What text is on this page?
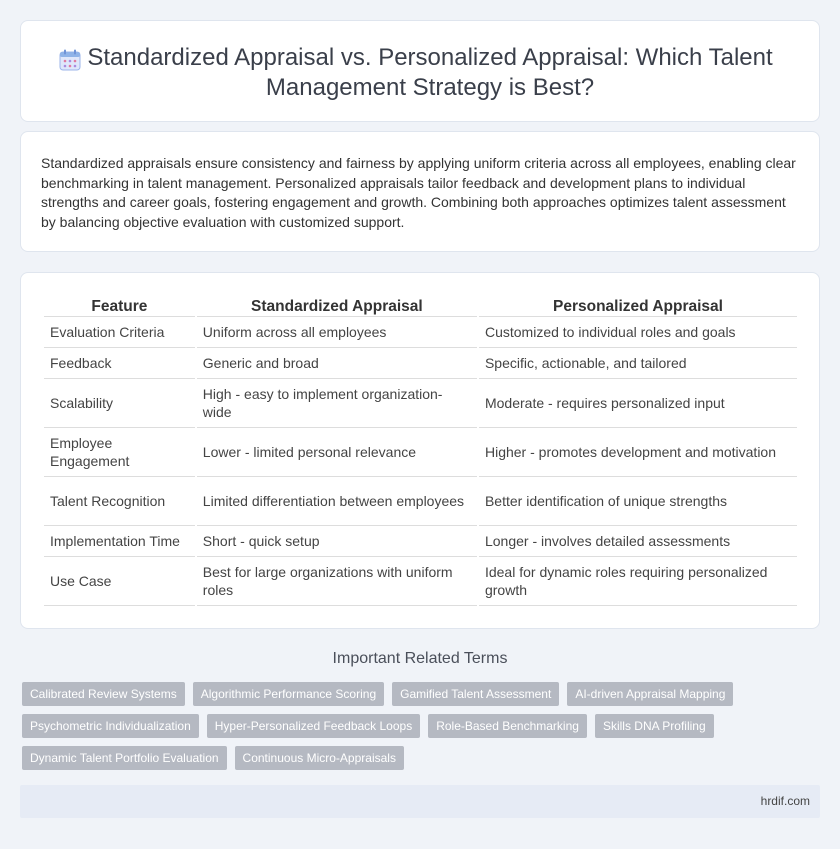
Standardized Appraisal vs. Personalized Appraisal: Which Talent Management Strategy is Best?

Standardized appraisals ensure consistency and fairness by applying uniform criteria across all employees, enabling clear benchmarking in talent management. Personalized appraisals tailor feedback and development plans to individual strengths and career goals, fostering engagement and growth. Combining both approaches optimizes talent assessment by balancing objective evaluation with customized support.

Feature	Standardized Appraisal	Personalized Appraisal
Evaluation Criteria	Uniform across all employees	Customized to individual roles and goals
Feedback	Generic and broad	Specific, actionable, and tailored
Scalability	High - easy to implement organization-wide	Moderate - requires personalized input
Employee Engagement	Lower - limited personal relevance	Higher - promotes development and motivation
Talent Recognition	Limited differentiation between employees	Better identification of unique strengths
Implementation Time	Short - quick setup	Longer - involves detailed assessments
Use Case	Best for large organizations with uniform roles	Ideal for dynamic roles requiring personalized growth
Important Related Terms
Calibrated Review Systems	Algorithmic Performance Scoring	Gamified Talent Assessment	AI-driven Appraisal Mapping
Psychometric Individualization	Hyper-Personalized Feedback Loops	Role-Based Benchmarking	Skills DNA Profiling
Dynamic Talent Portfolio Evaluation	Continuous Micro-Appraisals
hrdif.com
